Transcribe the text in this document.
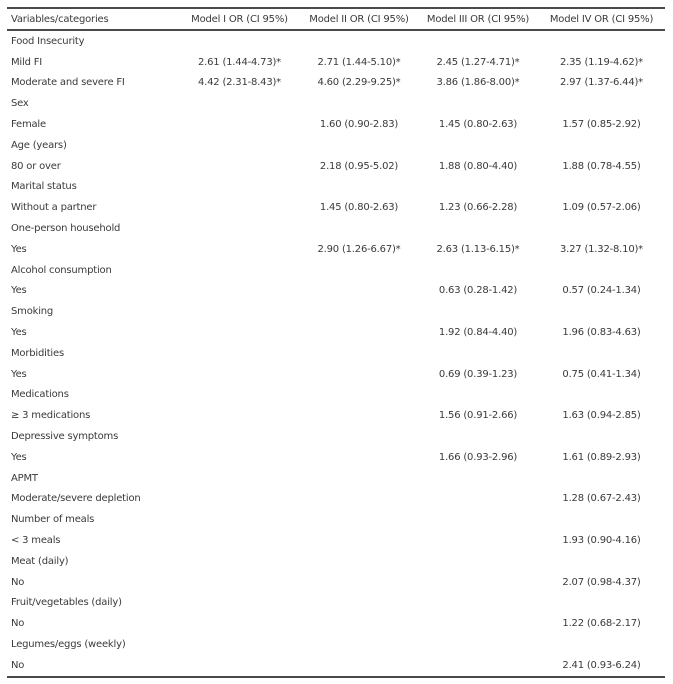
Variables/categories	Model I OR (CI 95%)	Model II OR (CI 95%)	Model III OR (CI 95%)	Model IV OR (CI 95%)
Food Insecurity				
Mild FI	2.61 (1.44-4.73)*	2.71 (1.44-5.10)*	2.45 (1.27-4.71)*	2.35 (1.19-4.62)*
Moderate and severe FI	4.42 (2.31-8.43)*	4.60 (2.29-9.25)*	3.86 (1.86-8.00)*	2.97 (1.37-6.44)*
Sex				
Female		1.60 (0.90-2.83)	1.45 (0.80-2.63)	1.57 (0.85-2.92)
Age (years)				
80 or over		2.18 (0.95-5.02)	1.88 (0.80-4.40)	1.88 (0.78-4.55)
Marital status				
Without a partner		1.45 (0.80-2.63)	1.23 (0.66-2.28)	1.09 (0.57-2.06)
One-person household				
Yes		2.90 (1.26-6.67)*	2.63 (1.13-6.15)*	3.27 (1.32-8.10)*
Alcohol consumption				
Yes			0.63 (0.28-1.42)	0.57 (0.24-1.34)
Smoking				
Yes			1.92 (0.84-4.40)	1.96 (0.83-4.63)
Morbidities				
Yes			0.69 (0.39-1.23)	0.75 (0.41-1.34)
Medications				
≥ 3 medications			1.56 (0.91-2.66)	1.63 (0.94-2.85)
Depressive symptoms				
Yes			1.66 (0.93-2.96)	1.61 (0.89-2.93)
APMT				
Moderate/severe depletion				1.28 (0.67-2.43)
Number of meals				
< 3 meals				1.93 (0.90-4.16)
Meat (daily)				
No				2.07 (0.98-4.37)
Fruit/vegetables (daily)				
No				1.22 (0.68-2.17)
Legumes/eggs (weekly)				
No				2.41 (0.93-6.24)
